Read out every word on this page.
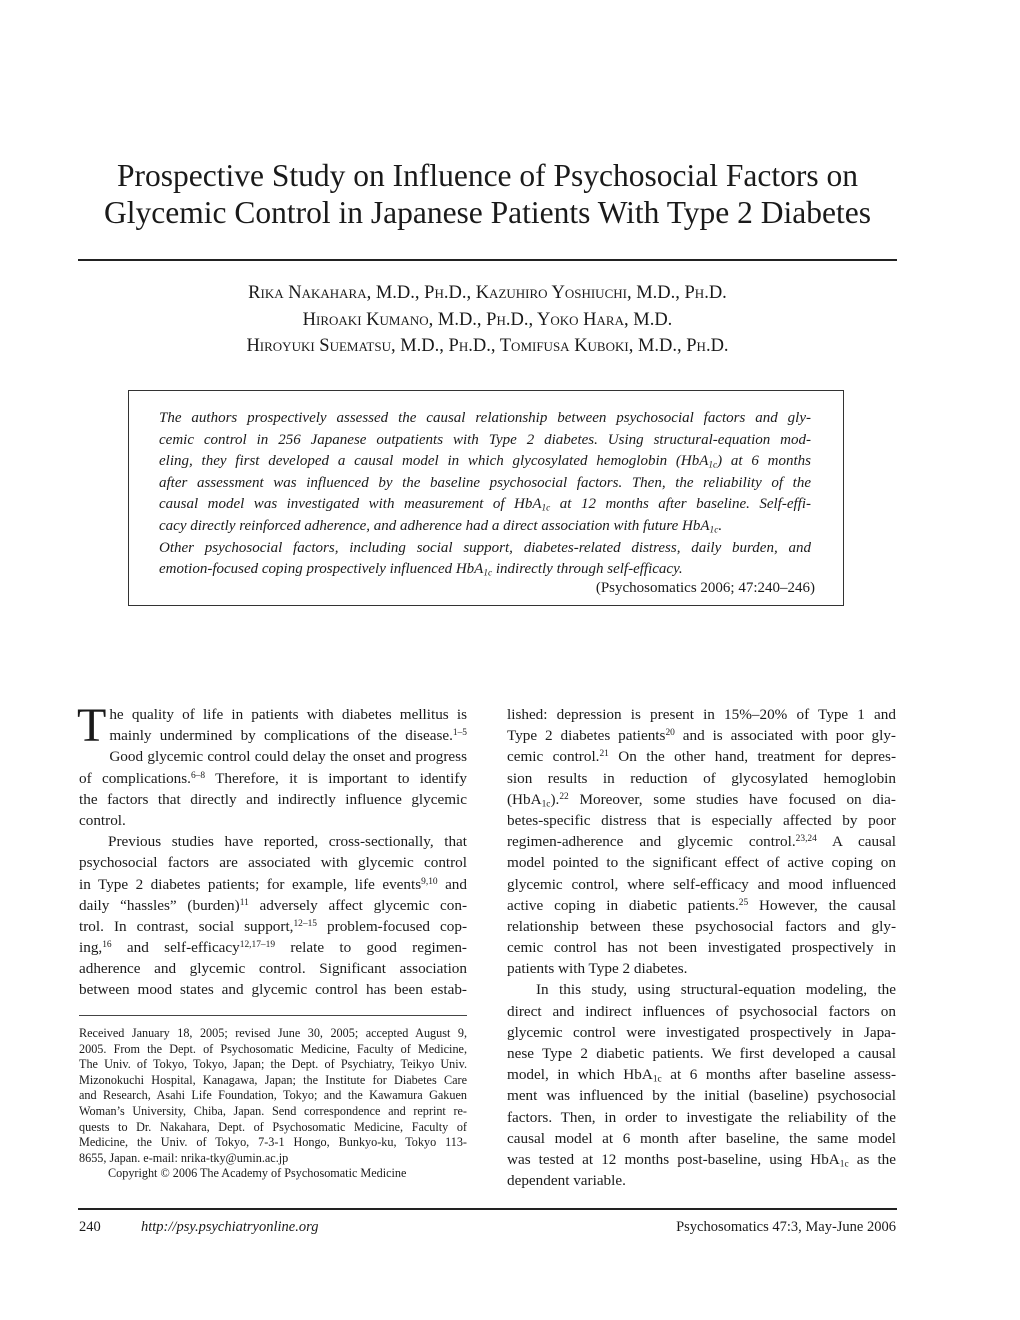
Prospective Study on Influence of Psychosocial Factors on
Glycemic Control in Japanese Patients With Type 2 Diabetes
Rika Nakahara, M.D., Ph.D., Kazuhiro Yoshiuchi, M.D., Ph.D.
Hiroaki Kumano, M.D., Ph.D., Yoko Hara, M.D.
Hiroyuki Suematsu, M.D., Ph.D., Tomifusa Kuboki, M.D., Ph.D.
The authors prospectively assessed the causal relationship between psychosocial factors and gly-
cemic control in 256 Japanese outpatients with Type 2 diabetes. Using structural-equation mod-
eling, they first developed a causal model in which glycosylated hemoglobin (HbA$_{1c}$) at 6 months
after assessment was influenced by the baseline psychosocial factors. Then, the reliability of the
causal model was investigated with measurement of HbA$_{1c}$ at 12 months after baseline. Self-effi-
cacy directly reinforced adherence, and adherence had a direct association with future HbA$_{1c}$.
Other psychosocial factors, including social support, diabetes-related distress, daily burden, and
emotion-focused coping prospectively influenced HbA$_{1c}$ indirectly through self-efficacy.
(Psychosomatics 2006; 47:240–246)
T he quality of life in patients with diabetes mellitus is
mainly undermined by complications of the disease.$^{1-5}$
Good glycemic control could delay the onset and progress
of complications.$^{6-8}$ Therefore, it is important to identify
the factors that directly and indirectly influence glycemic
control.
Previous studies have reported, cross-sectionally, that
psychosocial factors are associated with glycemic control
in Type 2 diabetes patients; for example, life events$^{9,10}$ and
daily “hassles” (burden)$^{11}$ adversely affect glycemic con-
trol. In contrast, social support,$^{12-15}$ problem-focused cop-
ing,$^{16}$ and self-efficacy$^{12,17-19}$ relate to good regimen-
adherence and glycemic control. Significant association
between mood states and glycemic control has been estab-
Received January 18, 2005; revised June 30, 2005; accepted August 9,
2005. From the Dept. of Psychosomatic Medicine, Faculty of Medicine,
The Univ. of Tokyo, Tokyo, Japan; the Dept. of Psychiatry, Teikyo Univ.
Mizonokuchi Hospital, Kanagawa, Japan; the Institute for Diabetes Care
and Research, Asahi Life Foundation, Tokyo; and the Kawamura Gakuen
Woman’s University, Chiba, Japan. Send correspondence and reprint re-
quests to Dr. Nakahara, Dept. of Psychosomatic Medicine, Faculty of
Medicine, the Univ. of Tokyo, 7-3-1 Hongo, Bunkyo-ku, Tokyo 113-
8655, Japan. e-mail: nrika-tky@umin.ac.jp
Copyright © 2006 The Academy of Psychosomatic Medicine
lished: depression is present in 15%–20% of Type 1 and
Type 2 diabetes patients$^{20}$ and is associated with poor gly-
cemic control.$^{21}$ On the other hand, treatment for depres-
sion results in reduction of glycosylated hemoglobin
(HbA$_{1c}$).$^{22}$ Moreover, some studies have focused on dia-
betes-specific distress that is especially affected by poor
regimen-adherence and glycemic control.$^{23,24}$ A causal
model pointed to the significant effect of active coping on
glycemic control, where self-efficacy and mood influenced
active coping in diabetic patients.$^{25}$ However, the causal
relationship between these psychosocial factors and gly-
cemic control has not been investigated prospectively in
patients with Type 2 diabetes.
In this study, using structural-equation modeling, the
direct and indirect influences of psychosocial factors on
glycemic control were investigated prospectively in Japa-
nese Type 2 diabetic patients. We first developed a causal
model, in which HbA$_{1c}$ at 6 months after baseline assess-
ment was influenced by the initial (baseline) psychosocial
factors. Then, in order to investigate the reliability of the
causal model at 6 month after baseline, the same model
was tested at 12 months post-baseline, using HbA$_{1c}$ as the
dependent variable.
240	http://psy.psychiatryonline.org	Psychosomatics 47:3, May-June 2006
